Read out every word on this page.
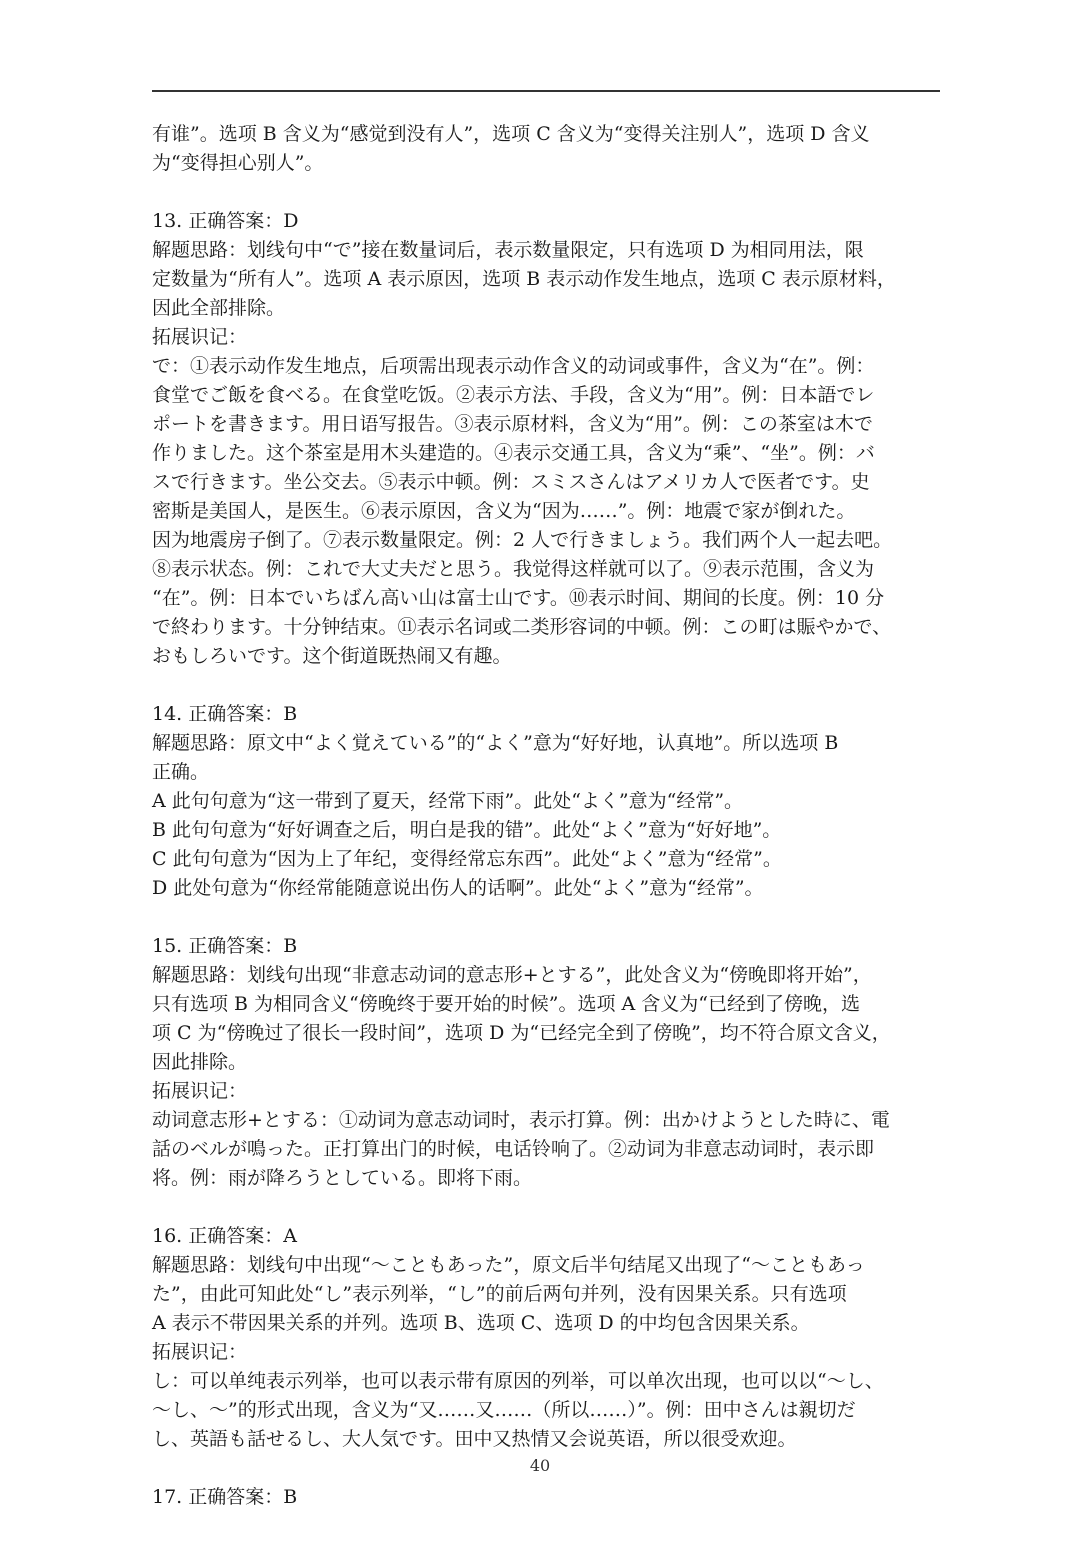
有谁”。选项 B 含义为“感觉到没有人”，选项 C 含义为“变得关注别人”，选项 D 含义

为“变得担心别人”。

13. 正确答案：D

解题思路：划线句中“で”接在数量词后，表示数量限定，只有选项 D 为相同用法，限

定数量为“所有人”。选项 A 表示原因，选项 B 表示动作发生地点，选项 C 表示原材料，

因此全部排除。

拓展识记：

で：①表示动作发生地点，后项需出现表示动作含义的动词或事件，含义为“在”。例：

食堂でご飯を食べる。在食堂吃饭。②表示方法、手段，含义为“用”。例：日本語でレ

ポートを書きます。用日语写报告。③表示原材料，含义为“用”。例：この茶室は木で

作りました。这个茶室是用木头建造的。④表示交通工具，含义为“乘”、“坐”。例：バ

スで行きます。坐公交去。⑤表示中顿。例：スミスさんはアメリカ人で医者です。史

密斯是美国人，是医生。⑥表示原因，含义为“因为……”。例：地震で家が倒れた。

因为地震房子倒了。⑦表示数量限定。例：2 人で行きましょう。我们两个人一起去吧。

⑧表示状态。例：これで大丈夫だと思う。我觉得这样就可以了。⑨表示范围，含义为

“在”。例：日本でいちばん高い山は富士山です。⑩表示时间、期间的长度。例：10 分

で終わります。十分钟结束。⑪表示名词或二类形容词的中顿。例：この町は賑やかで、

おもしろいです。这个街道既热闹又有趣。

14. 正确答案：B

解题思路：原文中“よく覚えている”的“よく”意为“好好地，认真地”。所以选项 B

正确。

A 此句句意为“这一带到了夏天，经常下雨”。此处“よく”意为“经常”。

B 此句句意为“好好调查之后，明白是我的错”。此处“よく”意为“好好地”。

C 此句句意为“因为上了年纪，变得经常忘东西”。此处“よく”意为“经常”。

D 此处句意为“你经常能随意说出伤人的话啊”。此处“よく”意为“经常”。

15. 正确答案：B

解题思路：划线句出现“非意志动词的意志形+とする”，此处含义为“傍晚即将开始”，

只有选项 B 为相同含义“傍晚终于要开始的时候”。选项 A 含义为“已经到了傍晚，选

项 C 为“傍晚过了很长一段时间”，选项 D 为“已经完全到了傍晚”，均不符合原文含义，

因此排除。

拓展识记：

动词意志形+とする：①动词为意志动词时，表示打算。例：出かけようとした時に、電

話のベルが鳴った。正打算出门的时候，电话铃响了。②动词为非意志动词时，表示即

将。例：雨が降ろうとしている。即将下雨。

16. 正确答案：A

解题思路：划线句中出现“～こともあった”，原文后半句结尾又出现了“～こともあっ

た”，由此可知此处“し”表示列举，“し”的前后两句并列，没有因果关系。只有选项

A 表示不带因果关系的并列。选项 B、选项 C、选项 D 的中均包含因果关系。

拓展识记：

し：可以单纯表示列举，也可以表示带有原因的列举，可以单次出现，也可以以“～し、

～し、～”的形式出现，含义为“又……又……（所以……）”。例：田中さんは親切だ

し、英語も話せるし、大人気です。田中又热情又会说英语，所以很受欢迎。

17. 正确答案：B

40
